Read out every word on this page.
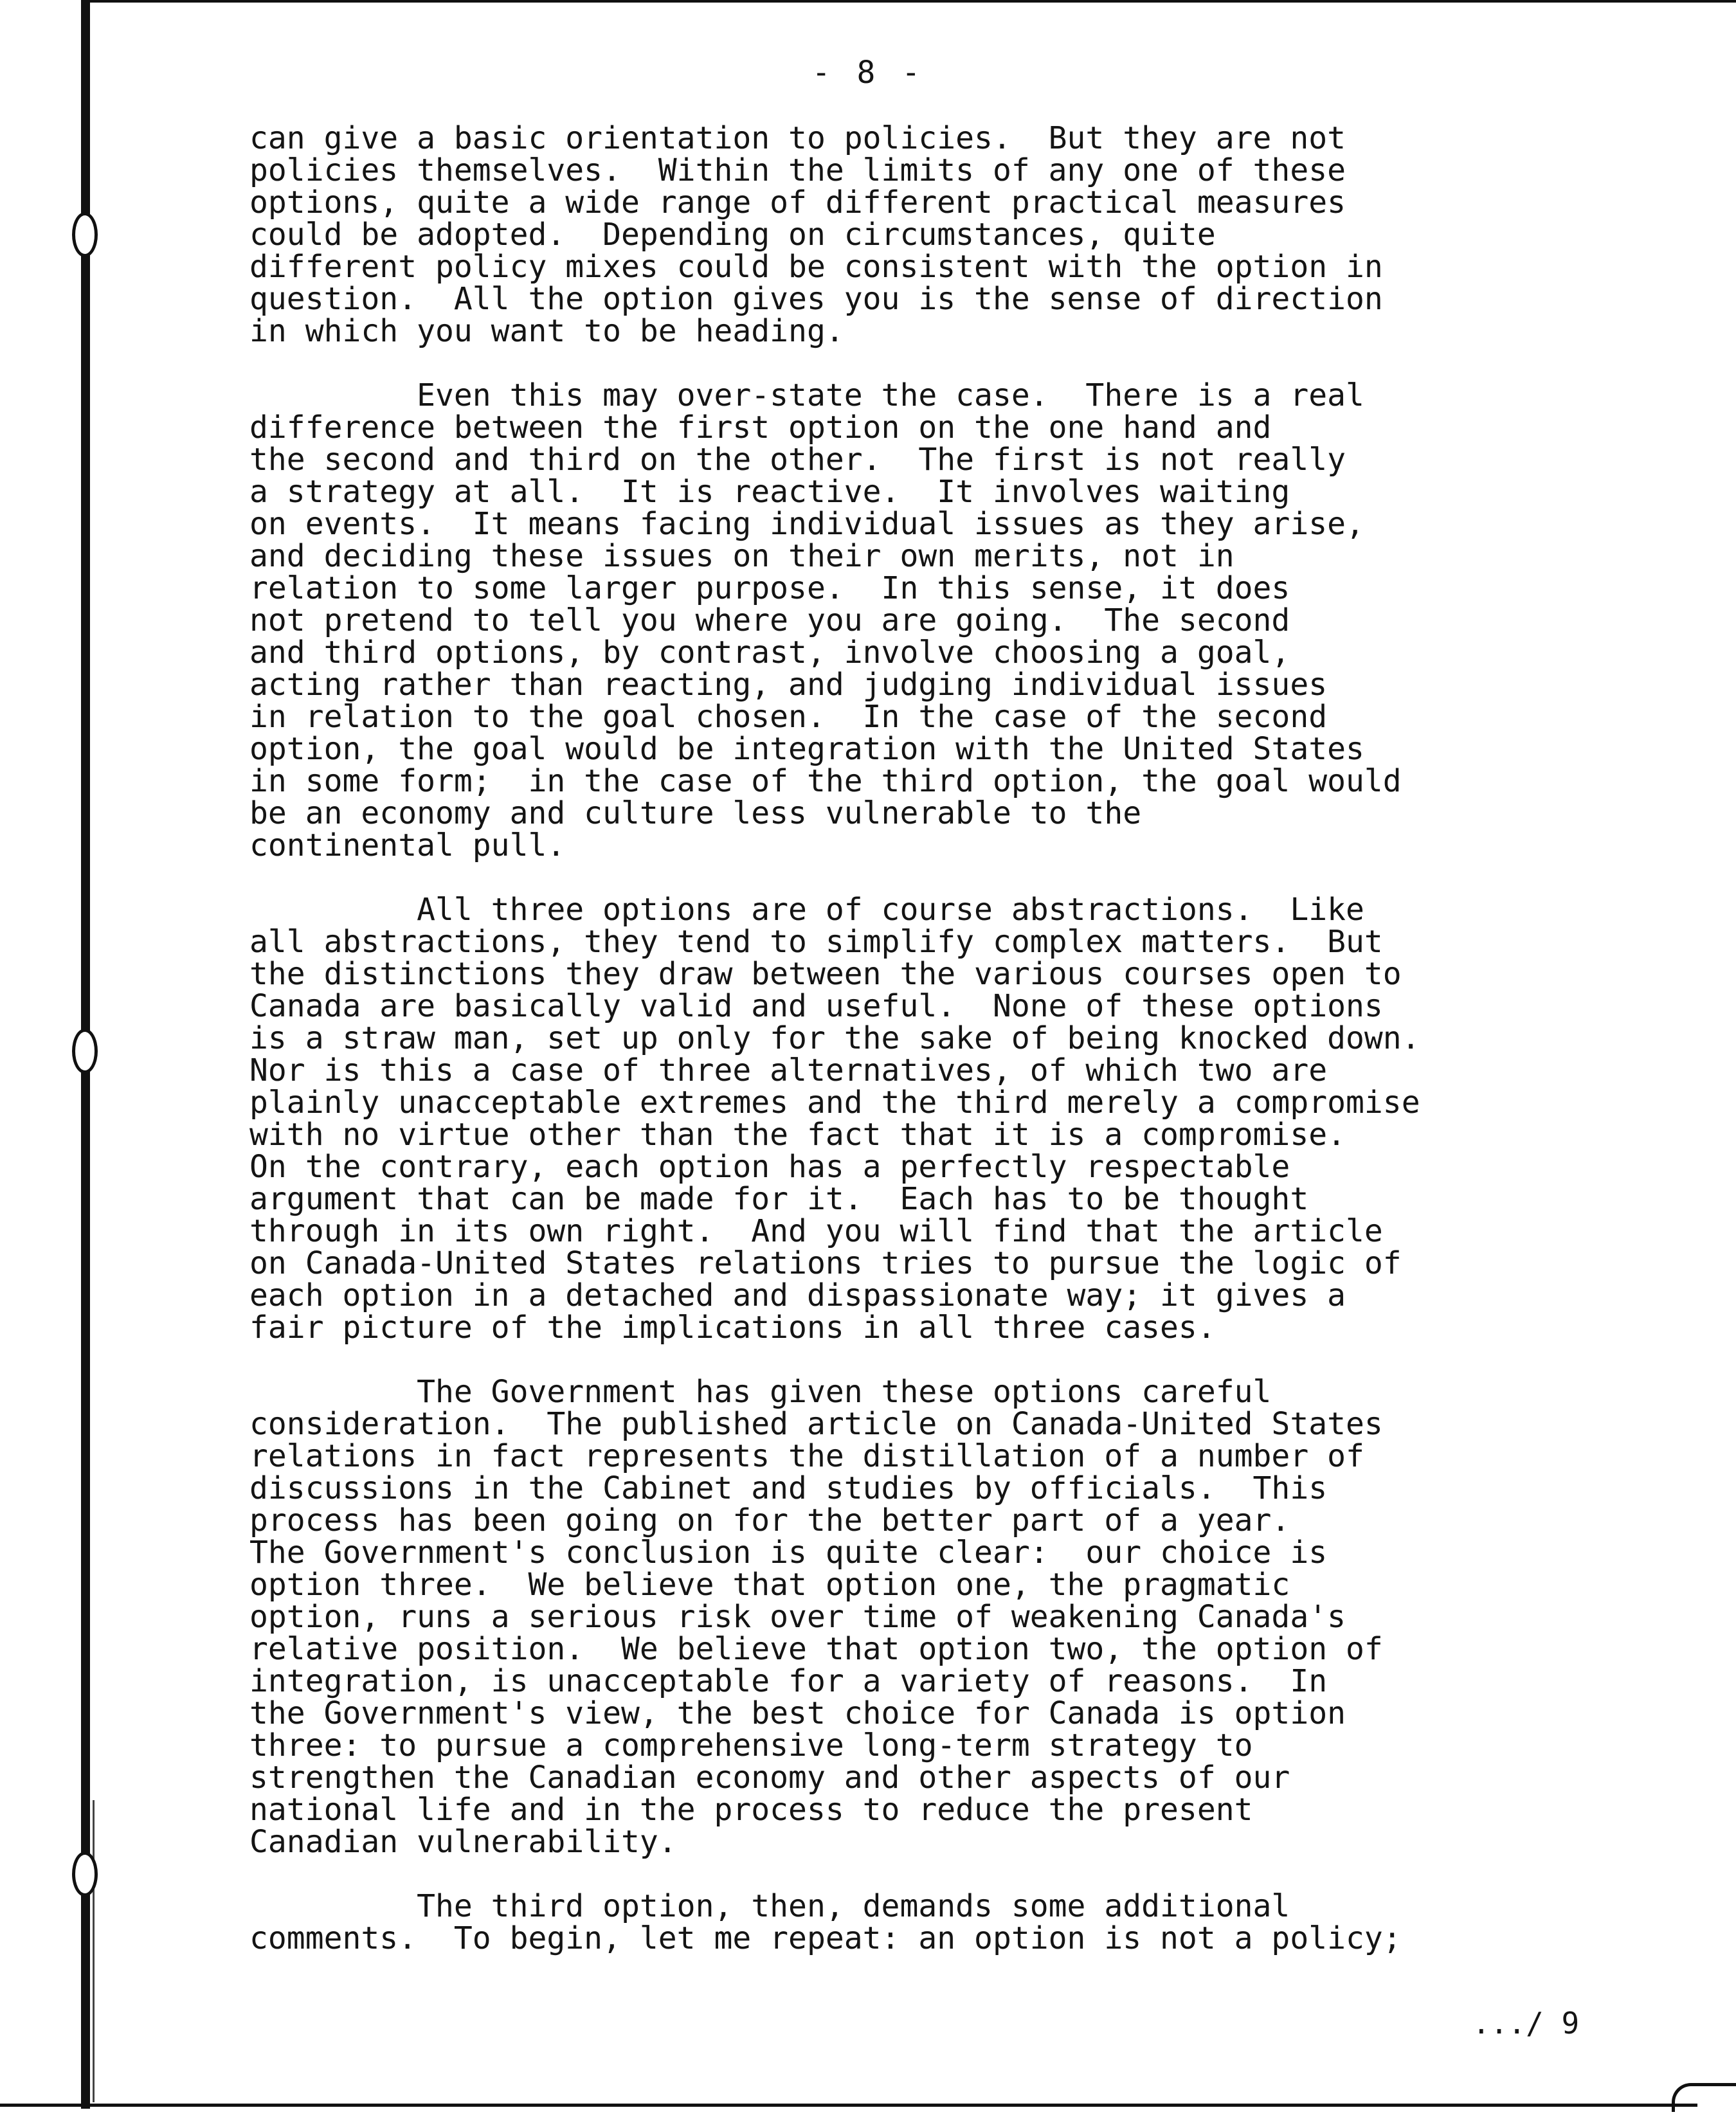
- 8 -

can give a basic orientation to policies.  But they are not
policies themselves.  Within the limits of any one of these
options, quite a wide range of different practical measures
could be adopted.  Depending on circumstances, quite
different policy mixes could be consistent with the option in
question.  All the option gives you is the sense of direction
in which you want to be heading.

Even this may over-state the case.  There is a real
difference between the first option on the one hand and
the second and third on the other.  The first is not really
a strategy at all.  It is reactive.  It involves waiting
on events.  It means facing individual issues as they arise,
and deciding these issues on their own merits, not in
relation to some larger purpose.  In this sense, it does
not pretend to tell you where you are going.  The second
and third options, by contrast, involve choosing a goal,
acting rather than reacting, and judging individual issues
in relation to the goal chosen.  In the case of the second
option, the goal would be integration with the United States
in some form;  in the case of the third option, the goal would
be an economy and culture less vulnerable to the
continental pull.

All three options are of course abstractions.  Like
all abstractions, they tend to simplify complex matters.  But
the distinctions they draw between the various courses open to
Canada are basically valid and useful.  None of these options
is a straw man, set up only for the sake of being knocked down.
Nor is this a case of three alternatives, of which two are
plainly unacceptable extremes and the third merely a compromise
with no virtue other than the fact that it is a compromise.
On the contrary, each option has a perfectly respectable
argument that can be made for it.  Each has to be thought
through in its own right.  And you will find that the article
on Canada-United States relations tries to pursue the logic of
each option in a detached and dispassionate way; it gives a
fair picture of the implications in all three cases.

The Government has given these options careful
consideration.  The published article on Canada-United States
relations in fact represents the distillation of a number of
discussions in the Cabinet and studies by officials.  This
process has been going on for the better part of a year.
The Government's conclusion is quite clear:  our choice is
option three.  We believe that option one, the pragmatic
option, runs a serious risk over time of weakening Canada's
relative position.  We believe that option two, the option of
integration, is unacceptable for a variety of reasons.  In
the Government's view, the best choice for Canada is option
three: to pursue a comprehensive long-term strategy to
strengthen the Canadian economy and other aspects of our
national life and in the process to reduce the present
Canadian vulnerability.

The third option, then, demands some additional
comments.  To begin, let me repeat: an option is not a policy;

.../ 9
